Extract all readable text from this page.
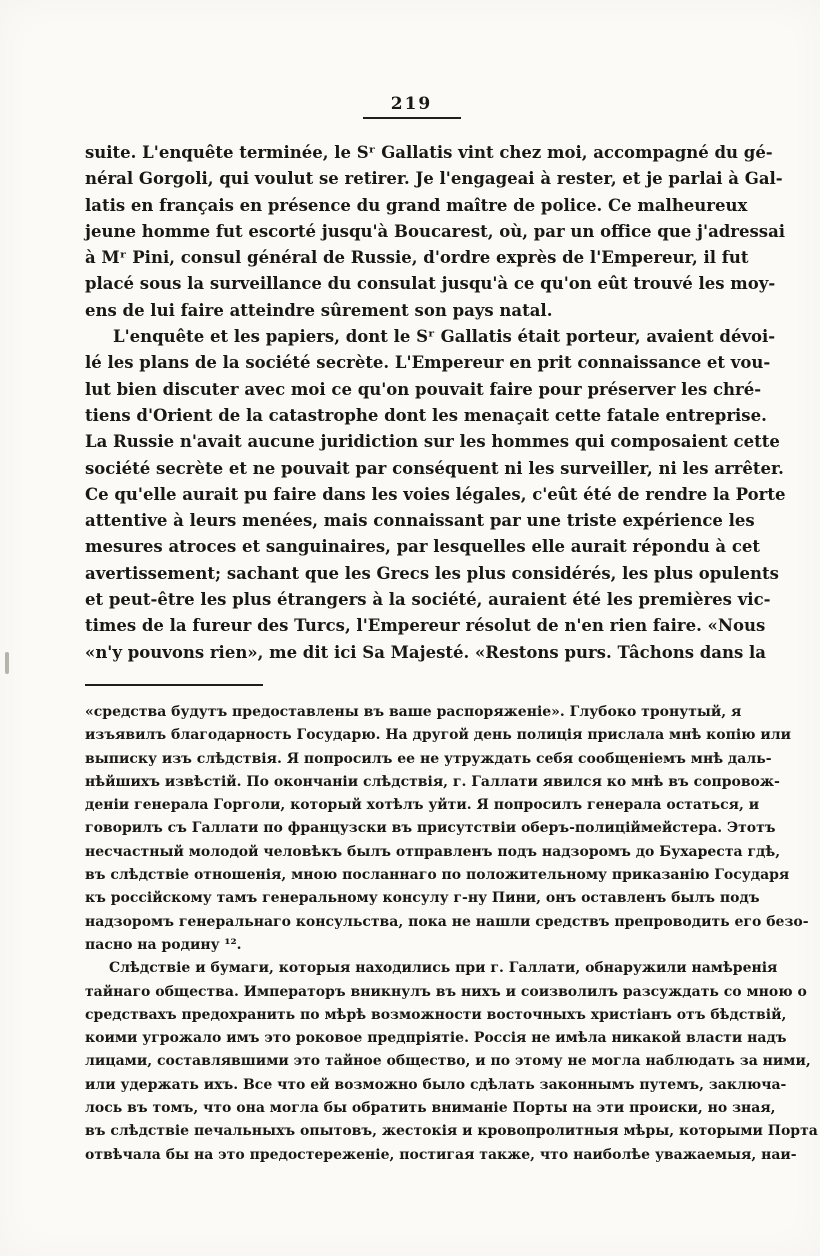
219
suite. L'enquête terminée, le Sʳ Gallatis vint chez moi, accompagné du gé-
néral Gorgoli, qui voulut se retirer. Je l'engageai à rester, et je parlai à Gal-
latis en français en présence du grand maître de police. Ce malheureux
jeune homme fut escorté jusqu'à Boucarest, où, par un office que j'adressai
à Mʳ Pini, consul général de Russie, d'ordre exprès de l'Empereur, il fut
placé sous la surveillance du consulat jusqu'à ce qu'on eût trouvé les moy-
ens de lui faire atteindre sûrement son pays natal.
L'enquête et les papiers, dont le Sʳ Gallatis était porteur, avaient dévoi-
lé les plans de la société secrète. L'Empereur en prit connaissance et vou-
lut bien discuter avec moi ce qu'on pouvait faire pour préserver les chré-
tiens d'Orient de la catastrophe dont les menaçait cette fatale entreprise.
La Russie n'avait aucune juridiction sur les hommes qui composaient cette
société secrète et ne pouvait par conséquent ni les surveiller, ni les arrêter.
Ce qu'elle aurait pu faire dans les voies légales, c'eût été de rendre la Porte
attentive à leurs menées, mais connaissant par une triste expérience les
mesures atroces et sanguinaires, par lesquelles elle aurait répondu à cet
avertissement; sachant que les Grecs les plus considérés, les plus opulents
et peut-être les plus étrangers à la société, auraient été les premières vic-
times de la fureur des Turcs, l'Empereur résolut de n'en rien faire. «Nous
«n'y pouvons rien», me dit ici Sa Majesté. «Restons purs. Tâchons dans la
«средства будутъ предоставлены въ ваше распоряженіе». Глубоко тронутый, я
изъявилъ благодарность Государю. На другой день полиція прислала мнѣ копію или
выписку изъ слѣдствія. Я попросилъ ее не утруждать себя сообщеніемъ мнѣ даль-
нѣйшихъ извѣстій. По окончаніи слѣдствія, г. Галлати явился ко мнѣ въ сопровож-
деніи генерала Горголи, который хотѣлъ уйти. Я попросилъ генерала остаться, и
говорилъ съ Галлати по французски въ присутствіи оберъ-полиціймейстера. Этотъ
несчастный молодой человѣкъ былъ отправленъ подъ надзоромъ до Бухареста гдѣ,
въ слѣдствіе отношенія, мною посланнаго по положительному приказанію Государя
къ россійскому тамъ генеральному консулу г-ну Пини, онъ оставленъ былъ подъ
надзоромъ генеральнаго консульства, пока не нашли средствъ препроводить его безо-
пасно на родину ¹².
Слѣдствіе и бумаги, которыя находились при г. Галлати, обнаружили намѣренія
тайнаго общества. Императоръ вникнулъ въ нихъ и соизволилъ разсуждать со мною о
средствахъ предохранить по мѣрѣ возможности восточныхъ христіанъ отъ бѣдствій,
коими угрожало имъ это роковое предпріятіе. Россія не имѣла никакой власти надъ
лицами, составлявшими это тайное общество, и по этому не могла наблюдать за ними,
или удержать ихъ. Все что ей возможно было сдѣлать законнымъ путемъ, заключа-
лось въ томъ, что она могла бы обратить вниманіе Порты на эти происки, но зная,
въ слѣдствіе печальныхъ опытовъ, жестокія и кровопролитныя мѣры, которыми Порта
отвѣчала бы на это предостереженіе, постигая также, что наиболѣе уважаемыя, наи-
